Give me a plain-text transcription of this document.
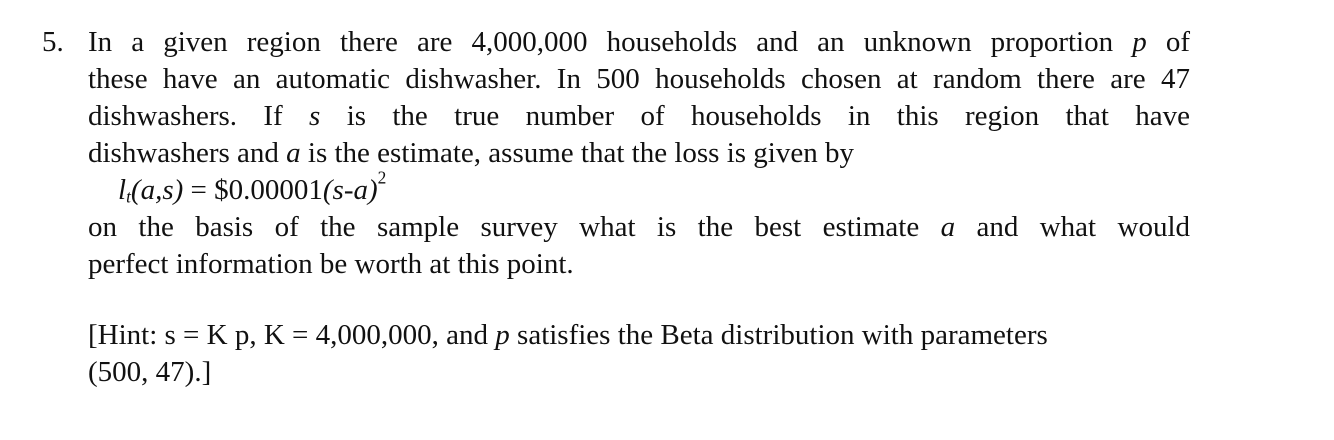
5. In a given region there are 4,000,000 households and an unknown proportion p of
these have an automatic dishwasher. In 500 households chosen at random there are 47
dishwashers. If s is the true number of households in this region that have
dishwashers and a is the estimate, assume that the loss is given by
$l_t(a,s)$ = $\$0.00001(s-a)^2$
on the basis of the sample survey what is the best estimate a and what would
perfect information be worth at this point.
[Hint: s = K p, K = 4,000,000, and p satisfies the Beta distribution with parameters
(500, 47).]
